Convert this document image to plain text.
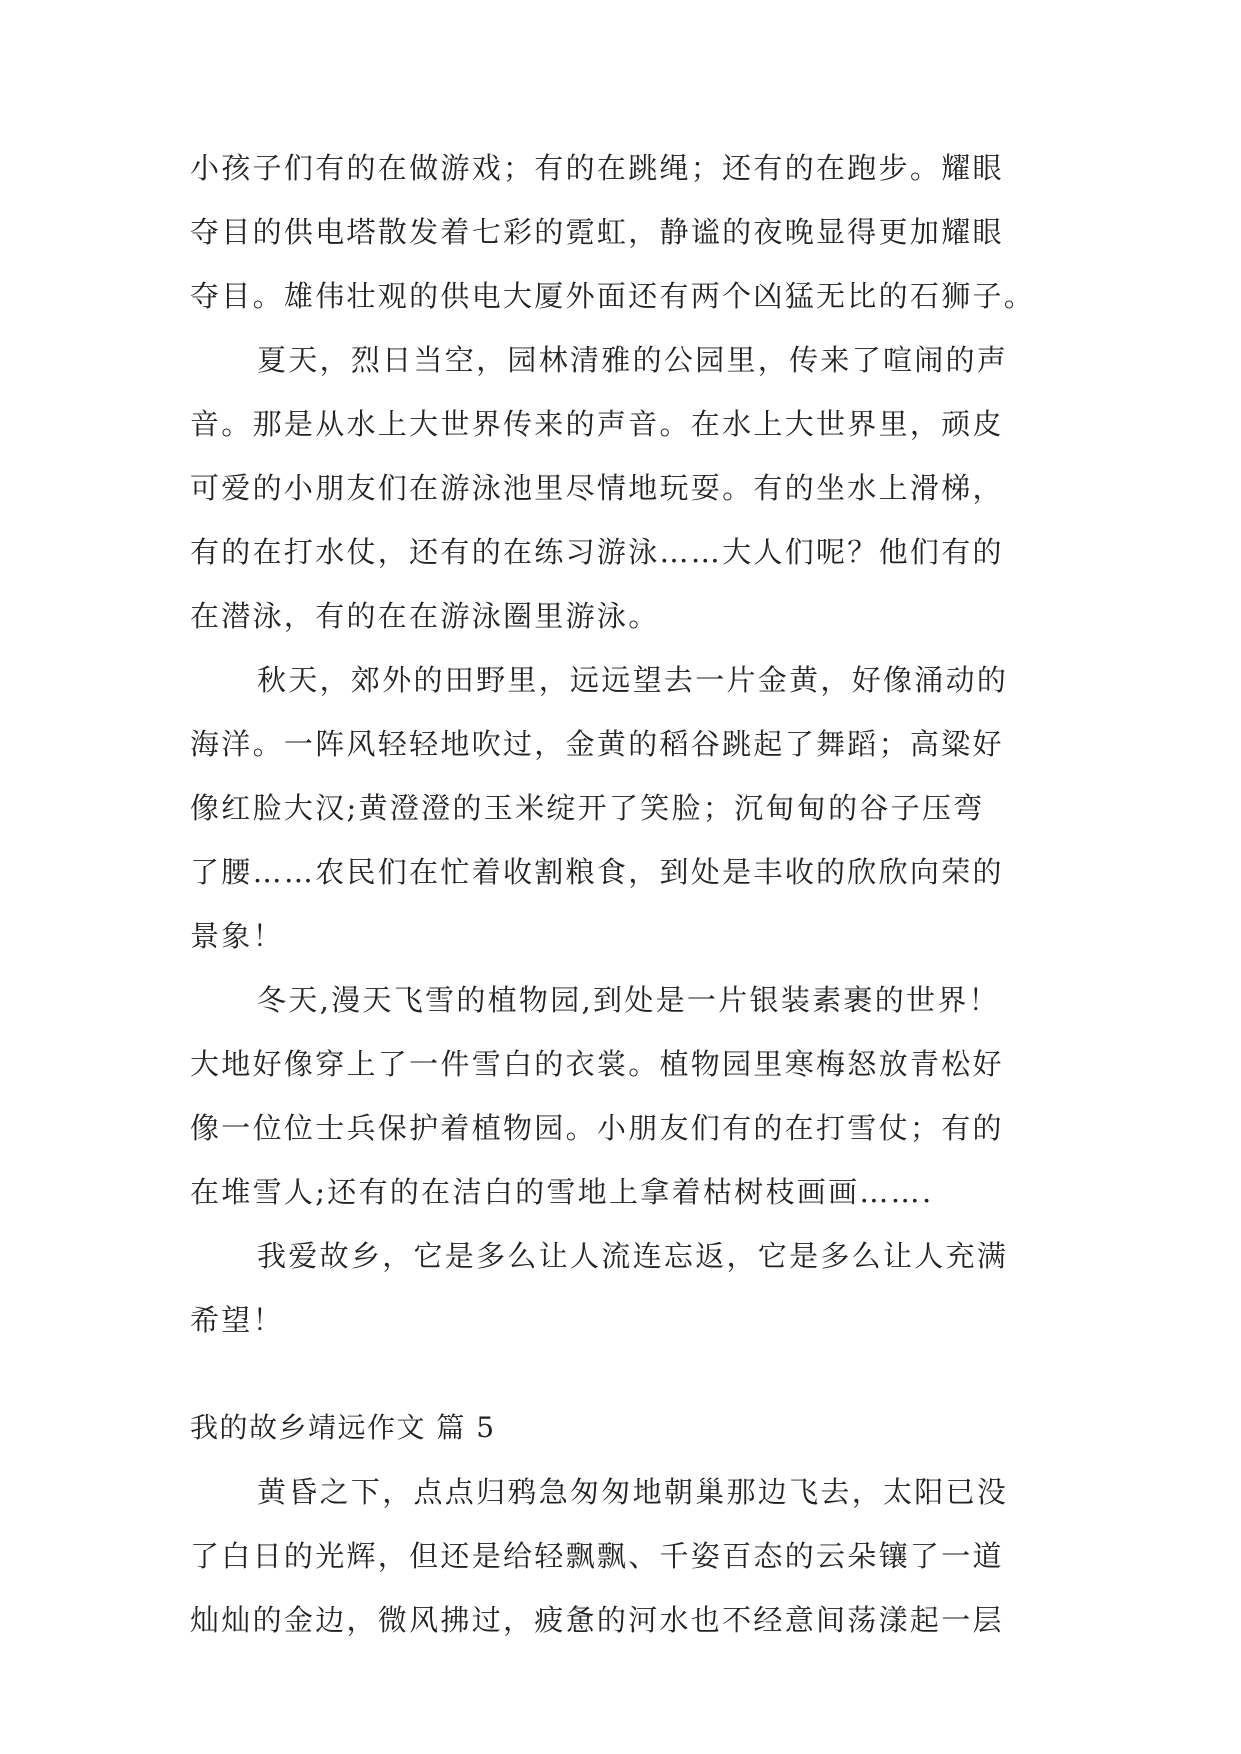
小孩子们有的在做游戏；有的在跳绳；还有的在跑步。耀眼
夺目的供电塔散发着七彩的霓虹，静谧的夜晚显得更加耀眼
夺目。雄伟壮观的供电大厦外面还有两个凶猛无比的石狮子。
夏天，烈日当空，园林清雅的公园里，传来了喧闹的声
音。那是从水上大世界传来的声音。在水上大世界里，顽皮
可爱的小朋友们在游泳池里尽情地玩耍。有的坐水上滑梯，
有的在打水仗，还有的在练习游泳……大人们呢？他们有的
在潜泳，有的在在游泳圈里游泳。
秋天，郊外的田野里，远远望去一片金黄，好像涌动的
海洋。一阵风轻轻地吹过，金黄的稻谷跳起了舞蹈；高粱好
像红脸大汉;黄澄澄的玉米绽开了笑脸；沉甸甸的谷子压弯
了腰……农民们在忙着收割粮食，到处是丰收的欣欣向荣的
景象！
冬天,漫天飞雪的植物园,到处是一片银装素裹的世界！
大地好像穿上了一件雪白的衣裳。植物园里寒梅怒放青松好
像一位位士兵保护着植物园。小朋友们有的在打雪仗；有的
在堆雪人;还有的在洁白的雪地上拿着枯树枝画画…….
我爱故乡，它是多么让人流连忘返，它是多么让人充满
希望！
我的故乡靖远作文 篇 5
黄昏之下，点点归鸦急匆匆地朝巢那边飞去，太阳已没
了白日的光辉，但还是给轻飘飘、千姿百态的云朵镶了一道
灿灿的金边，微风拂过，疲惫的河水也不经意间荡漾起一层
